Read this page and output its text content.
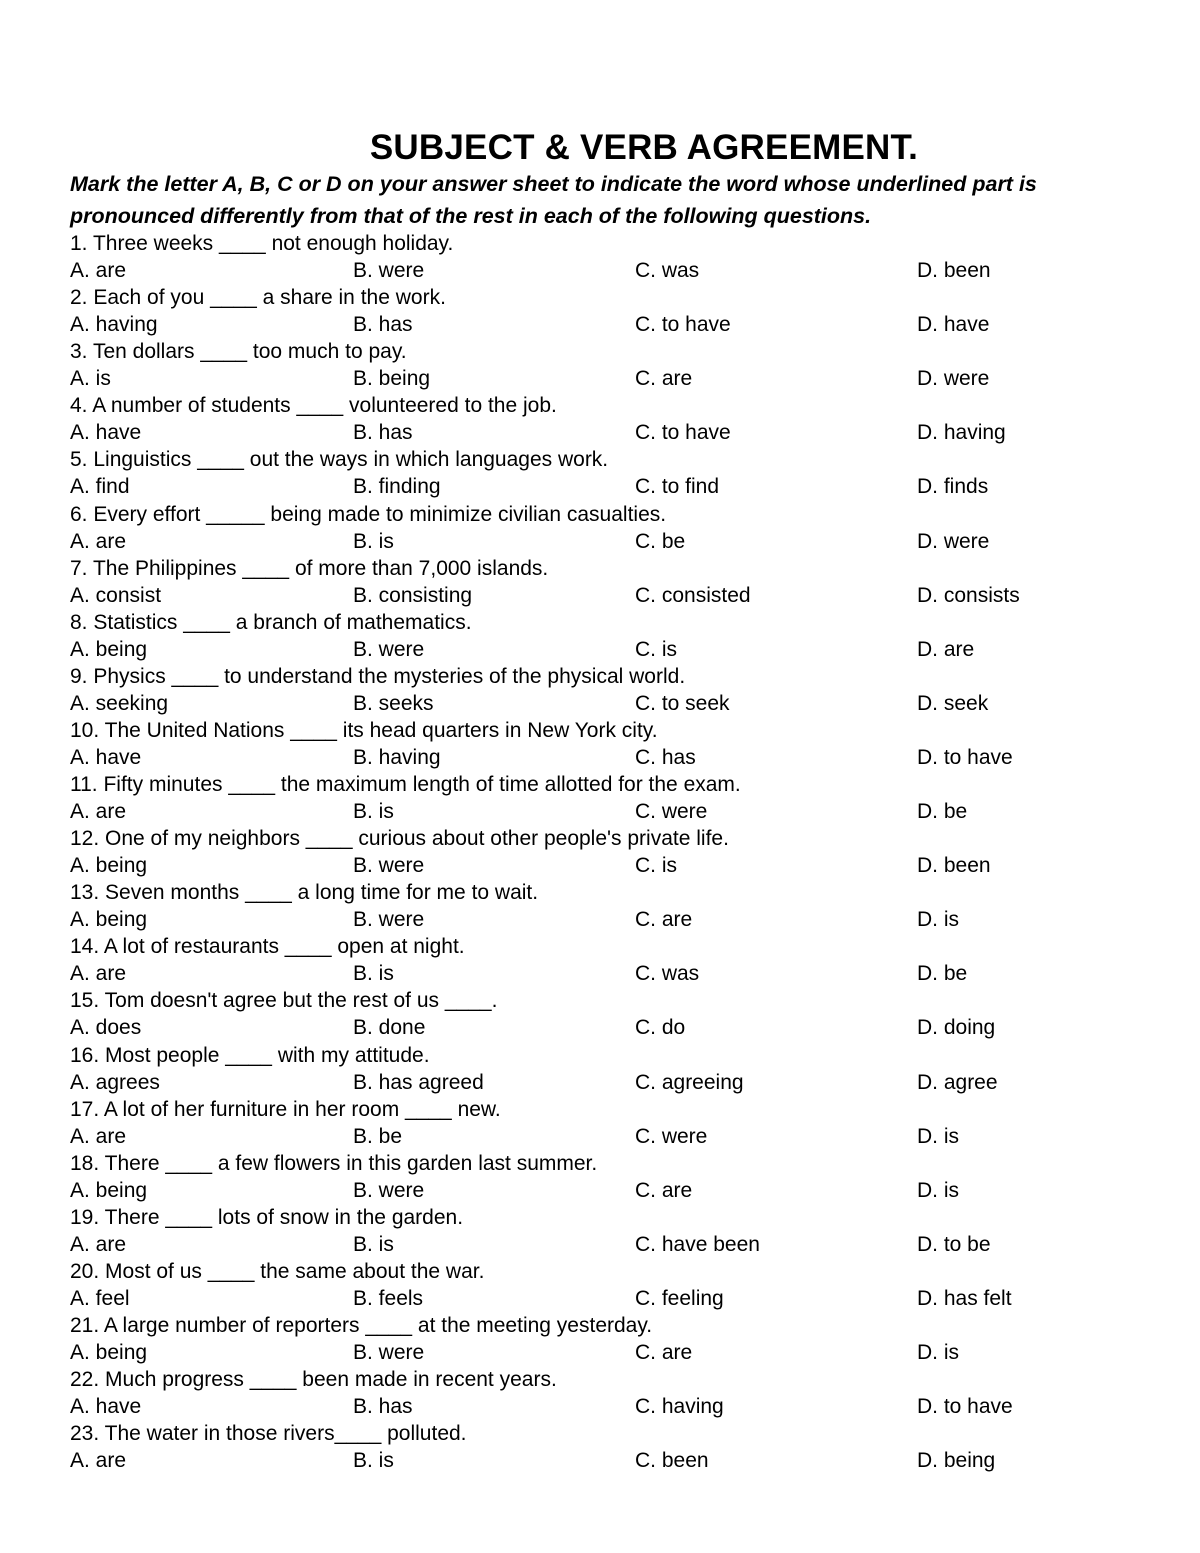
SUBJECT & VERB AGREEMENT.
Mark the letter A, B, C or D on your answer sheet to indicate the word whose underlined part is pronounced differently from that of the rest in each of the following questions.
1. Three weeks ____ not enough holiday.
A. are	B. were	C. was	D. been
2. Each of you ____ a share in the work.
A. having	B. has	C. to have	D. have
3. Ten dollars ____ too much to pay.
A. is	B. being	C. are	D. were
4. A number of students ____ volunteered to the job.
A. have	B. has	C. to have	D. having
5. Linguistics ____ out the ways in which languages work.
A. find	B. finding	C. to find	D. finds
6. Every effort _____ being made to minimize civilian casualties.
A. are	B. is	C. be	D. were
7. The Philippines ____ of more than 7,000 islands.
A. consist	B. consisting	C. consisted	D. consists
8. Statistics ____ a branch of mathematics.
A. being	B. were	C. is	D. are
9. Physics ____ to understand the mysteries of the physical world.
A. seeking	B. seeks	C. to seek	D. seek
10. The United Nations ____ its head quarters in New York city.
A. have	B. having	C. has	D. to have
11. Fifty minutes ____ the maximum length of time allotted for the exam.
A. are	B. is	C. were	D. be
12. One of my neighbors ____ curious about other people's private life.
A. being	B. were	C. is	D. been
13. Seven months ____ a long time for me to wait.
A. being	B. were	C. are	D. is
14. A lot of restaurants ____ open at night.
A. are	B. is	C. was	D. be
15. Tom doesn't agree but the rest of us ____.
A. does	B. done	C. do	D. doing
16. Most people ____ with my attitude.
A. agrees	B. has agreed	C. agreeing	D. agree
17. A lot of her furniture in her room ____ new.
A. are	B. be	C. were	D. is
18. There ____ a few flowers in this garden last summer.
A. being	B. were	C. are	D. is
19. There ____ lots of snow in the garden.
A. are	B. is	C. have been	D. to be
20. Most of us ____ the same about the war.
A. feel	B. feels	C. feeling	D. has felt
21. A large number of reporters ____ at the meeting yesterday.
A. being	B. were	C. are	D. is
22. Much progress ____ been made in recent years.
A. have	B. has	C. having	D. to have
23. The water in those rivers____ polluted.
A. are	B. is	C. been	D. being
